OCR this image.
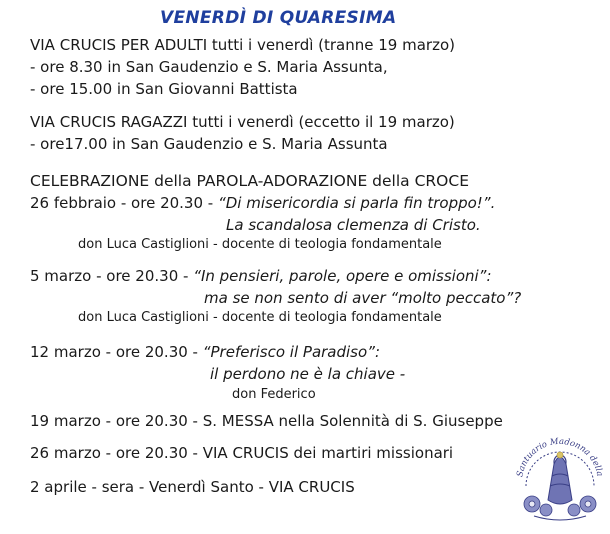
VENERDÌ DI QUARESIMA
VIA CRUCIS PER ADULTI tutti i venerdì (tranne 19 marzo)
- ore 8.30 in San Gaudenzio e S. Maria Assunta,
- ore 15.00 in San Giovanni Battista
VIA CRUCIS RAGAZZI tutti i venerdì (eccetto il 19 marzo)
- ore17.00 in San Gaudenzio e S. Maria Assunta
CELEBRAZIONE della PAROLA-ADORAZIONE della CROCE
26 febbraio - ore 20.30 - “Di misericordia si parla fin troppo!”.
La scandalosa clemenza di Cristo.
don Luca Castiglioni - docente di teologia fondamentale
5 marzo - ore 20.30 - “In pensieri, parole, opere e omissioni”:
ma se non sento di aver “molto peccato”?
don Luca Castiglioni - docente di teologia fondamentale
12 marzo - ore 20.30 - “Preferisco il Paradiso”:
il perdono ne è la chiave -
don Federico
19 marzo - ore 20.30 - S. MESSA nella Solennità di S. Giuseppe
26 marzo - ore 20.30 - VIA CRUCIS dei martiri missionari
2 aprile - sera - Venerdì Santo - VIA CRUCIS
Santuario Madonna della
